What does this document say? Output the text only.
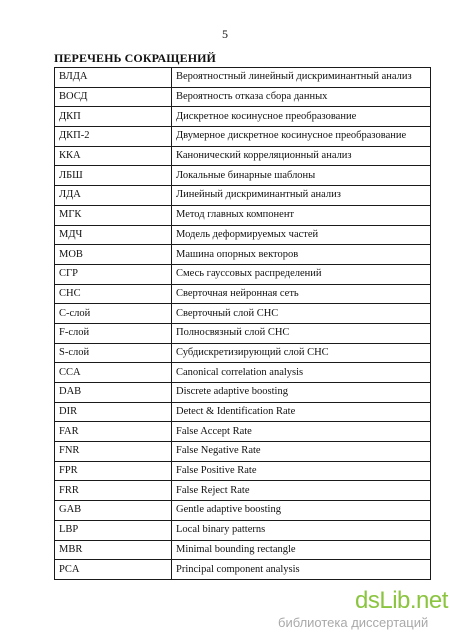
5
ПЕРЕЧЕНЬ СОКРАЩЕНИЙ
ВЛДА	Вероятностный линейный дискриминантный анализ
ВОСД	Вероятность отказа сбора данных
ДКП	Дискретное косинусное преобразование
ДКП-2	Двумерное дискретное косинусное преобразование
ККА	Канонический корреляционный анализ
ЛБШ	Локальные бинарные шаблоны
ЛДА	Линейный дискриминантный анализ
МГК	Метод главных компонент
МДЧ	Модель деформируемых частей
МОВ	Машина опорных векторов
СГР	Смесь гауссовых распределений
СНС	Сверточная нейронная сеть
С-слой	Сверточный слой СНС
F-слой	Полносвязный слой СНС
S-слой	Субдискретизирующий слой СНС
CCA	Canonical correlation analysis
DAB	Discrete adaptive boosting
DIR	Detect & Identification Rate
FAR	False Accept Rate
FNR	False Negative Rate
FPR	False Positive Rate
FRR	False Reject Rate
GAB	Gentle adaptive boosting
LBP	Local binary patterns
MBR	Minimal bounding rectangle
PCA	Principal component analysis
dsLib.net
библиотека диссертаций
